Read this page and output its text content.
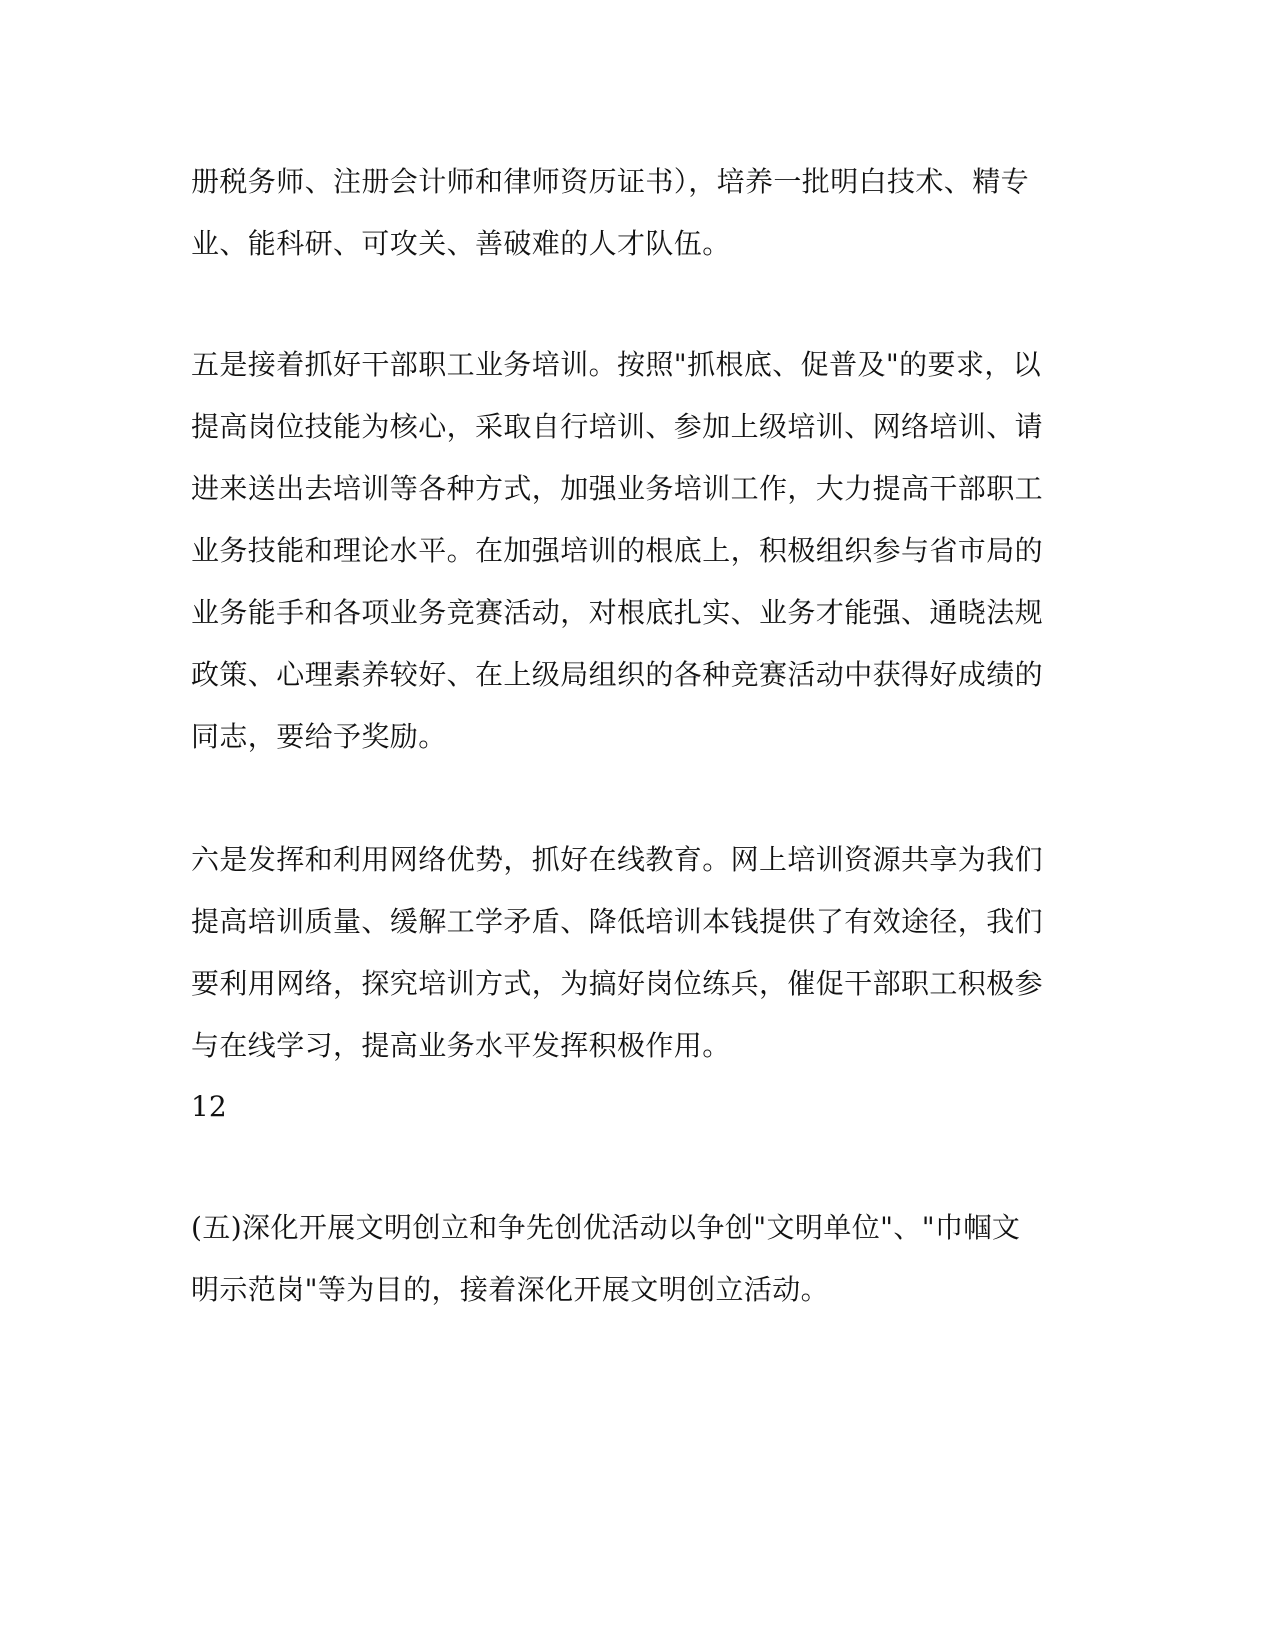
册税务师、注册会计师和律师资历证书），培养一批明白技术、精专
业、能科研、可攻关、善破难的人才队伍。
五是接着抓好干部职工业务培训。按照"抓根底、促普及"的要求，以
提高岗位技能为核心，采取自行培训、参加上级培训、网络培训、请
进来送出去培训等各种方式，加强业务培训工作，大力提高干部职工
业务技能和理论水平。在加强培训的根底上，积极组织参与省市局的
业务能手和各项业务竞赛活动，对根底扎实、业务才能强、通晓法规
政策、心理素养较好、在上级局组织的各种竞赛活动中获得好成绩的
同志，要给予奖励。
六是发挥和利用网络优势，抓好在线教育。网上培训资源共享为我们
提高培训质量、缓解工学矛盾、降低培训本钱提供了有效途径，我们
要利用网络，探究培训方式，为搞好岗位练兵，催促干部职工积极参
与在线学习，提高业务水平发挥积极作用。
12
(五)深化开展文明创立和争先创优活动以争创"文明单位"、"巾帼文
明示范岗"等为目的，接着深化开展文明创立活动。
